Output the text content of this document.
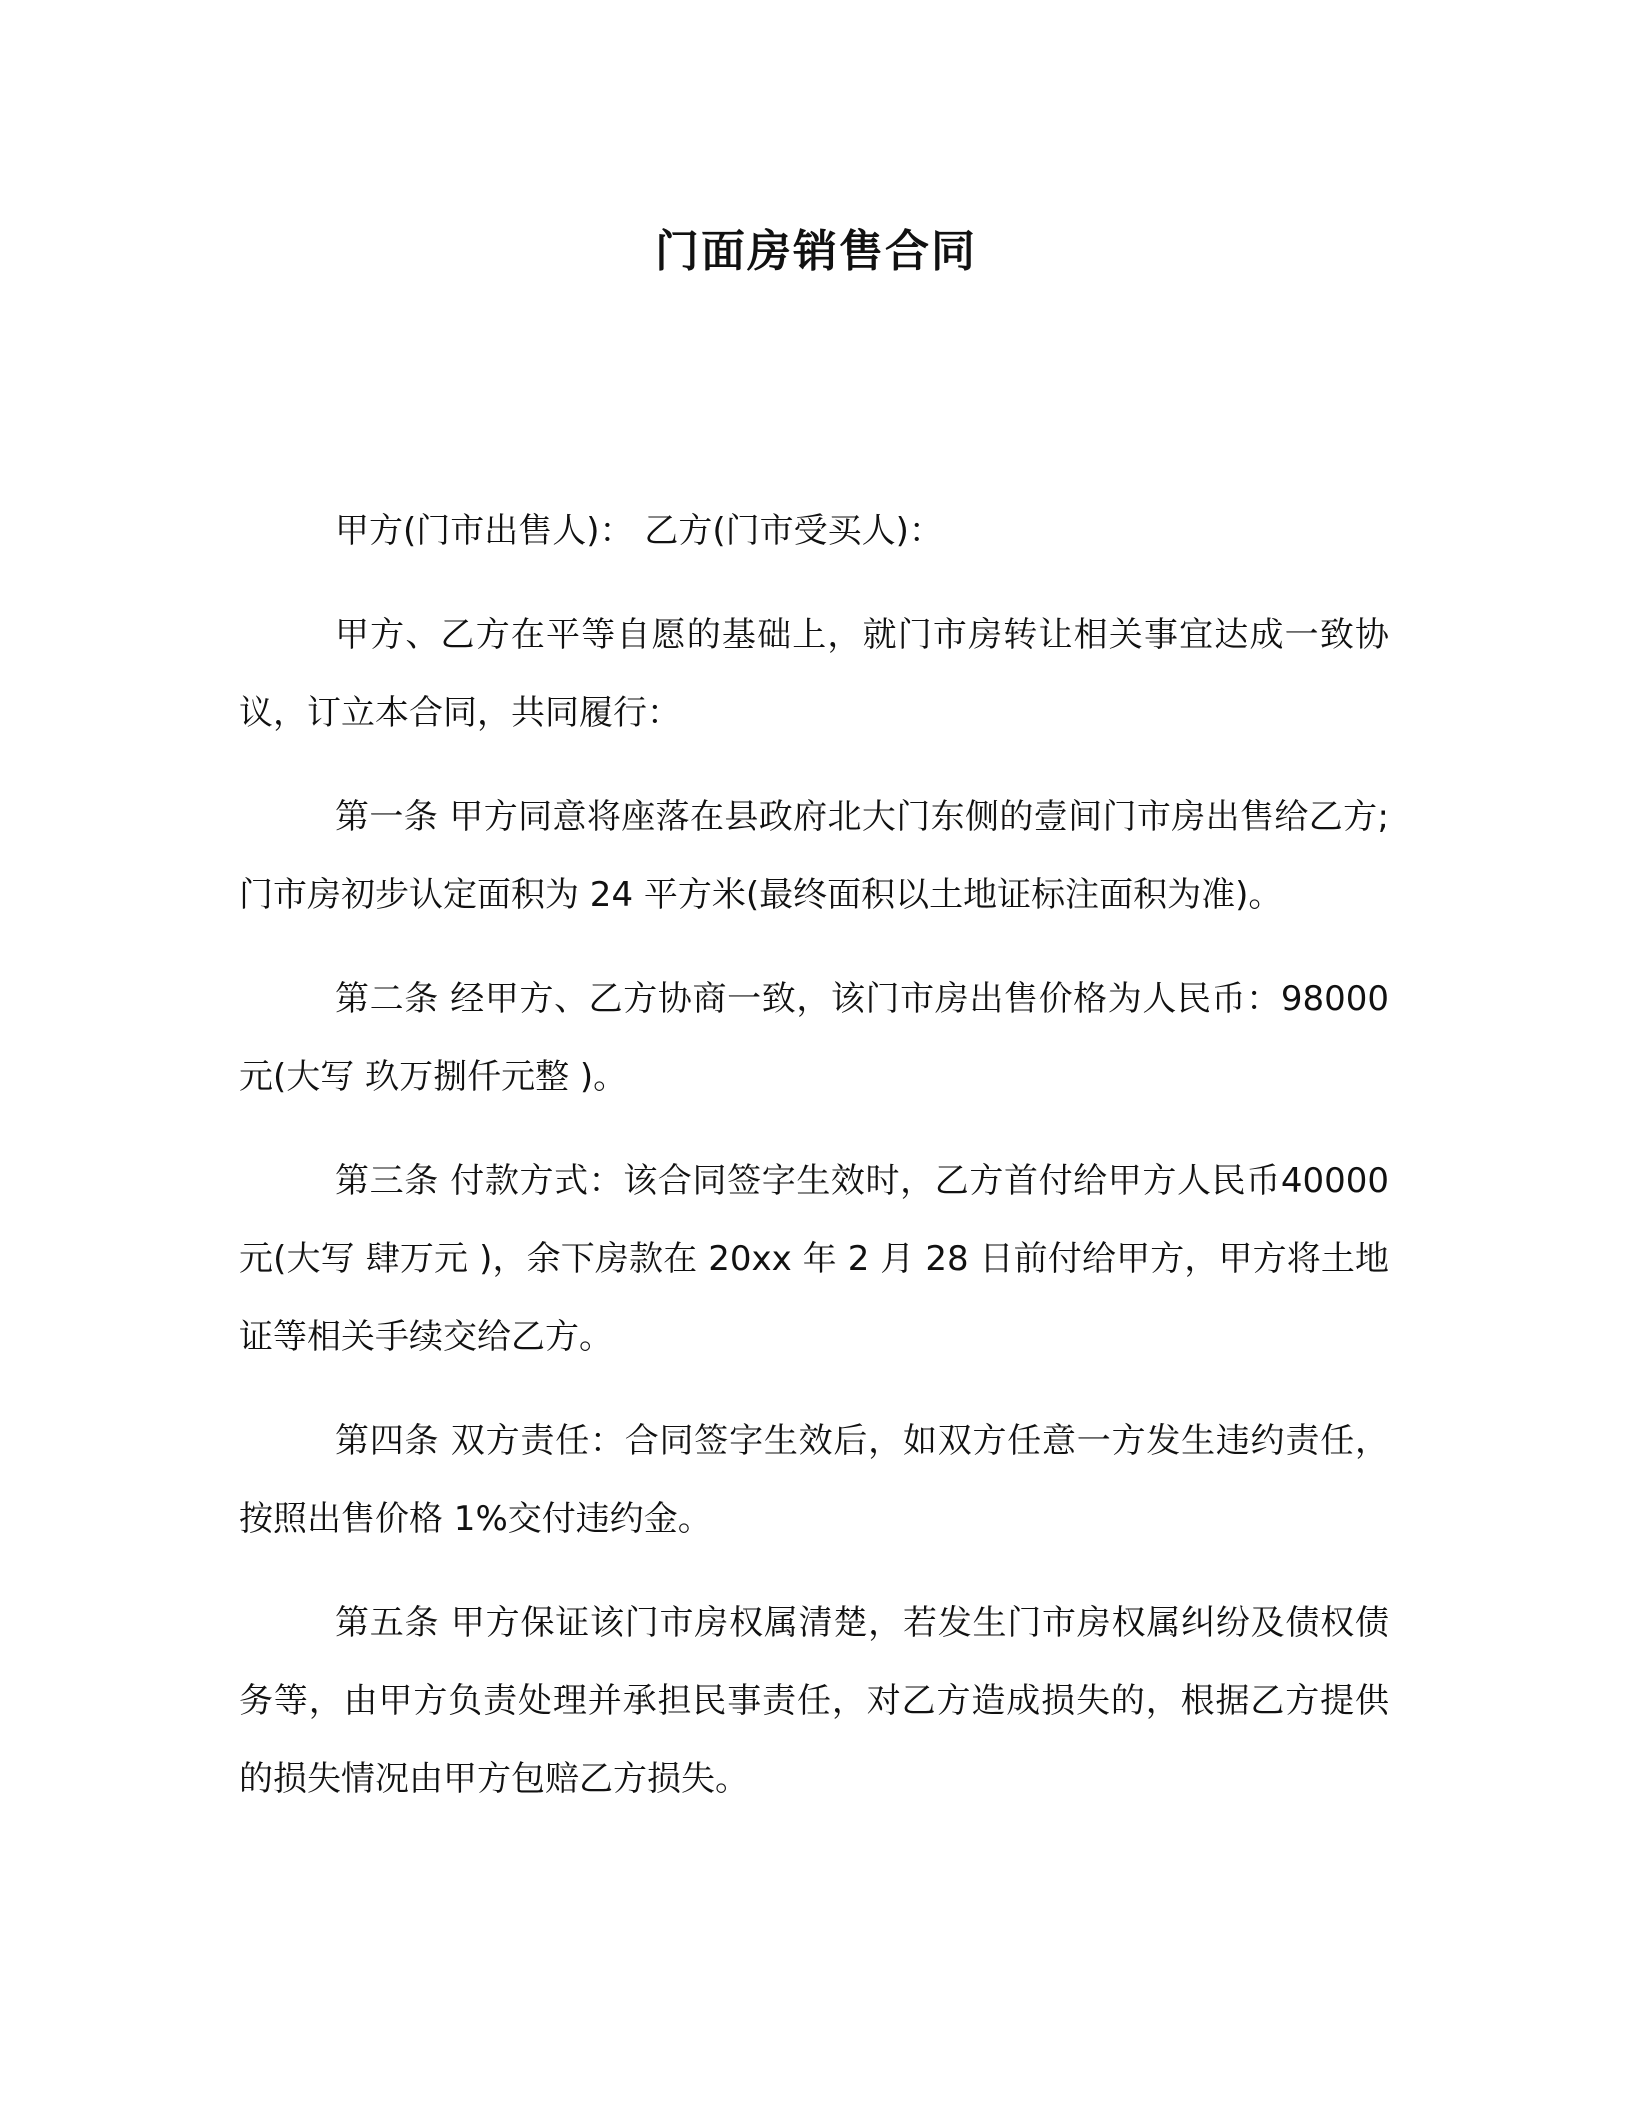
门面房销售合同

甲方(门市出售人)： 乙方(门市受买人)：

甲方、乙方在平等自愿的基础上，就门市房转让相关事宜达成一致协议，订立本合同，共同履行：

第一条 甲方同意将座落在县政府北大门东侧的壹间门市房出售给乙方;门市房初步认定面积为 24 平方米(最终面积以土地证标注面积为准)。

第二条 经甲方、乙方协商一致，该门市房出售价格为人民币：98000 元(大写 玖万捌仟元整 )。

第三条 付款方式：该合同签字生效时，乙方首付给甲方人民币40000 元(大写 肆万元 )，余下房款在 20xx 年 2 月 28 日前付给甲方，甲方将土地证等相关手续交给乙方。

第四条 双方责任：合同签字生效后，如双方任意一方发生违约责任，按照出售价格 1%交付违约金。

第五条 甲方保证该门市房权属清楚，若发生门市房权属纠纷及债权债务等，由甲方负责处理并承担民事责任，对乙方造成损失的，根据乙方提供的损失情况由甲方包赔乙方损失。
